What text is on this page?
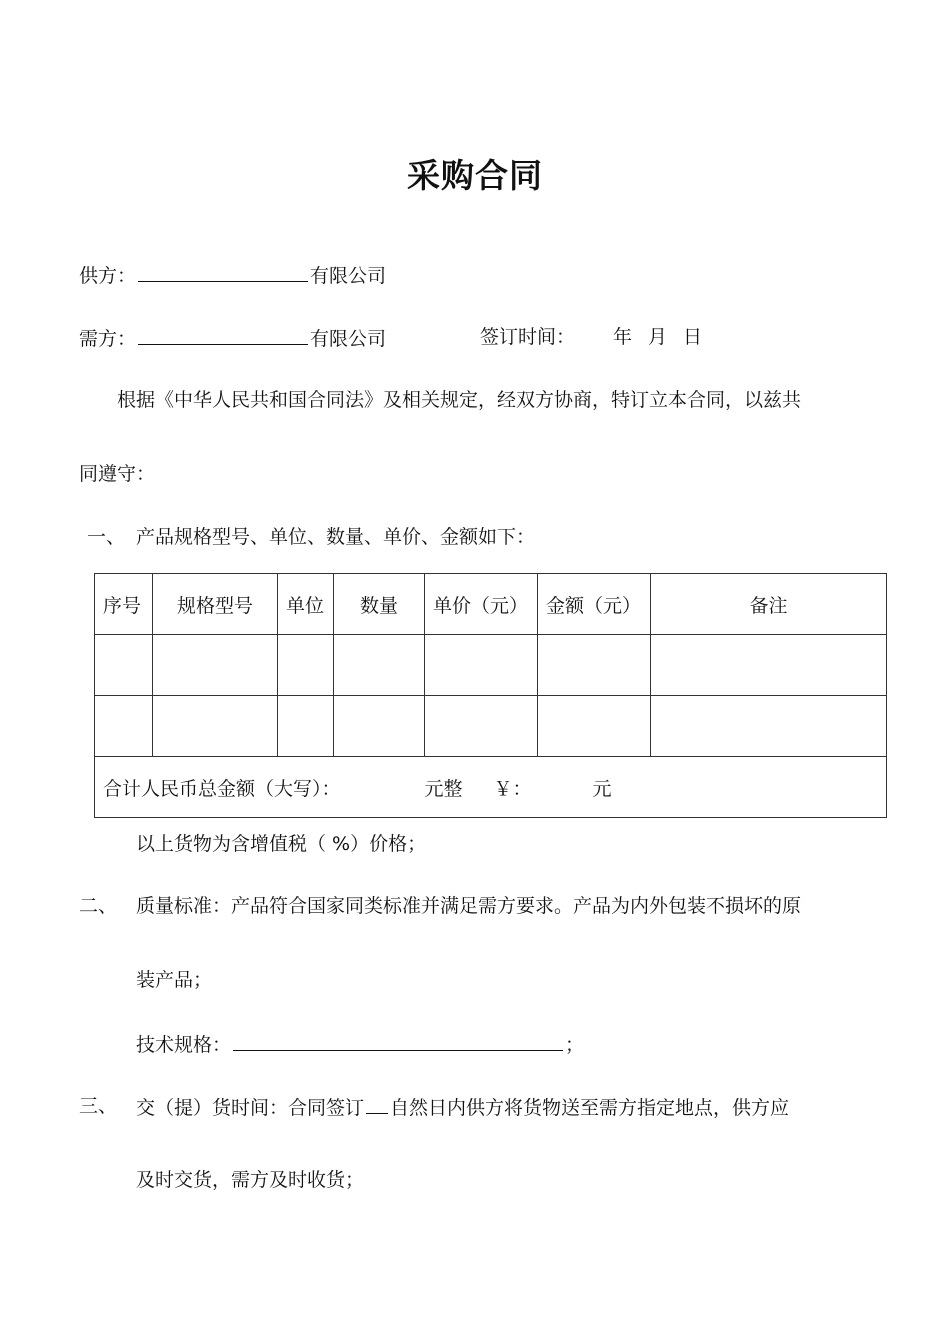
采购合同
供方：	有限公司
需方：	有限公司	签订时间： 年 月 日
根据《中华人民共和国合同法》及相关规定，经双方协商，特订立本合同，以兹共
同遵守：
一、 产品规格型号、单位、数量、单价、金额如下：
序号	规格型号	单位	数量	单价（元）	金额（元）	备注

合计人民币总金额（大写）： 元整 ￥： 元						
以上货物为含增值税（ %）价格；
二、 质量标准：产品符合国家同类标准并满足需方要求。产品为内外包装不损坏的原
装产品；
技术规格：	；
三、 交（提）货时间：合同签订 自然日内供方将货物送至需方指定地点，供方应
及时交货，需方及时收货；
